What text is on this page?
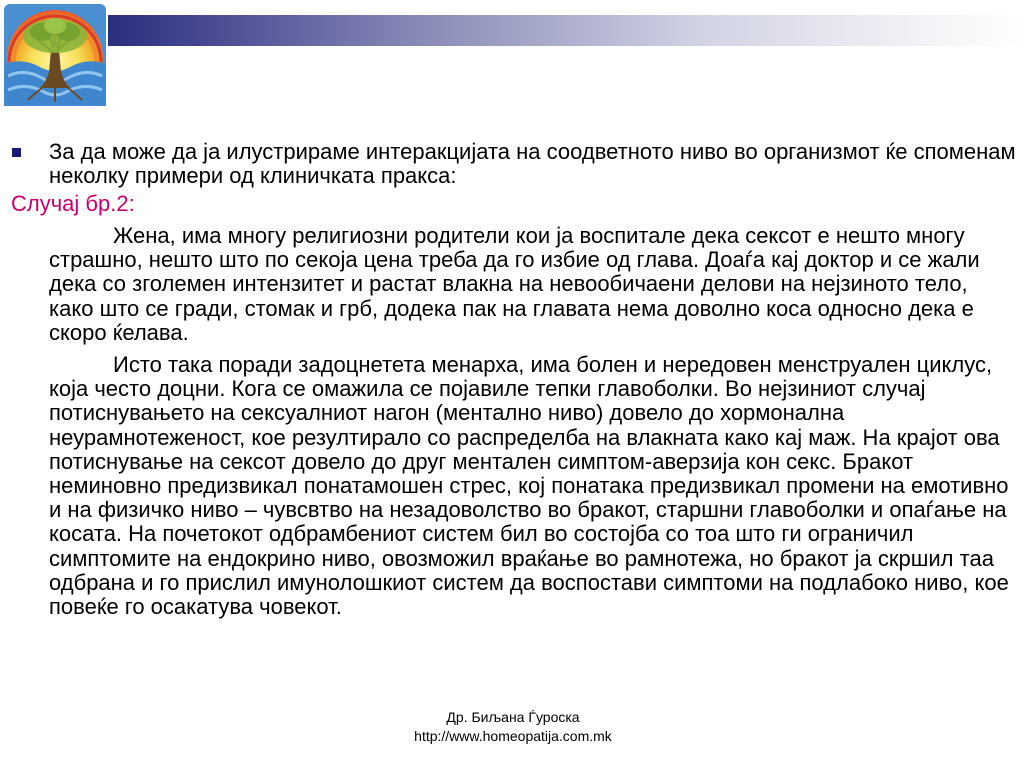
За да може да ја илустрираме интеракцијата на соодветното ниво во организмот ќе споменам неколку примери од клиничката пракса:
Случај бр.2:
Жена, има многу религиозни родители кои ја воспитале дека сексот е нешто многу страшно, нешто што по секоја цена треба да го избие од глава. Доаѓа кај доктор и се жали дека со зголемен интензитет и растат влакна на невообичаени делови на нејзиното тело, како што се гради, стомак и грб, додека пак на главата нема доволно коса односно дека е скоро ќелава.
Исто така поради задоцнетета менарха, има болен и нередовен менструален циклус, која често доцни. Кога се омажила се појавиле тепки главоболки. Во нејзиниот случај потиснувањето на сексуалниот нагон (ментално ниво) довело до хормонална неурамнотеженост, кое резултирало со распределба на влакната како кај маж. На крајот ова потиснување на сексот довело до друг ментален симптом-аверзија кон секс. Бракот неминовно предизвикал понатамошен стрес, кој понатака предизвикал промени на емотивно и на физичко ниво – чувсвтво на незадоволство во бракот, старшни главоболки и опаѓање на косата. На почетокот одбрамбениот систем бил во состојба со тоа што ги ограничил симптомите на ендокрино ниво, овозможил враќање во рамнотежа, но бракот ја скршил таа одбрана и го прислил имунолошкиот систем да воспостави симптоми на подлабоко ниво, кое повеќе го осакатува човекот.
Др. Биљана Ѓуроска
http://www.homeopatija.com.mk
